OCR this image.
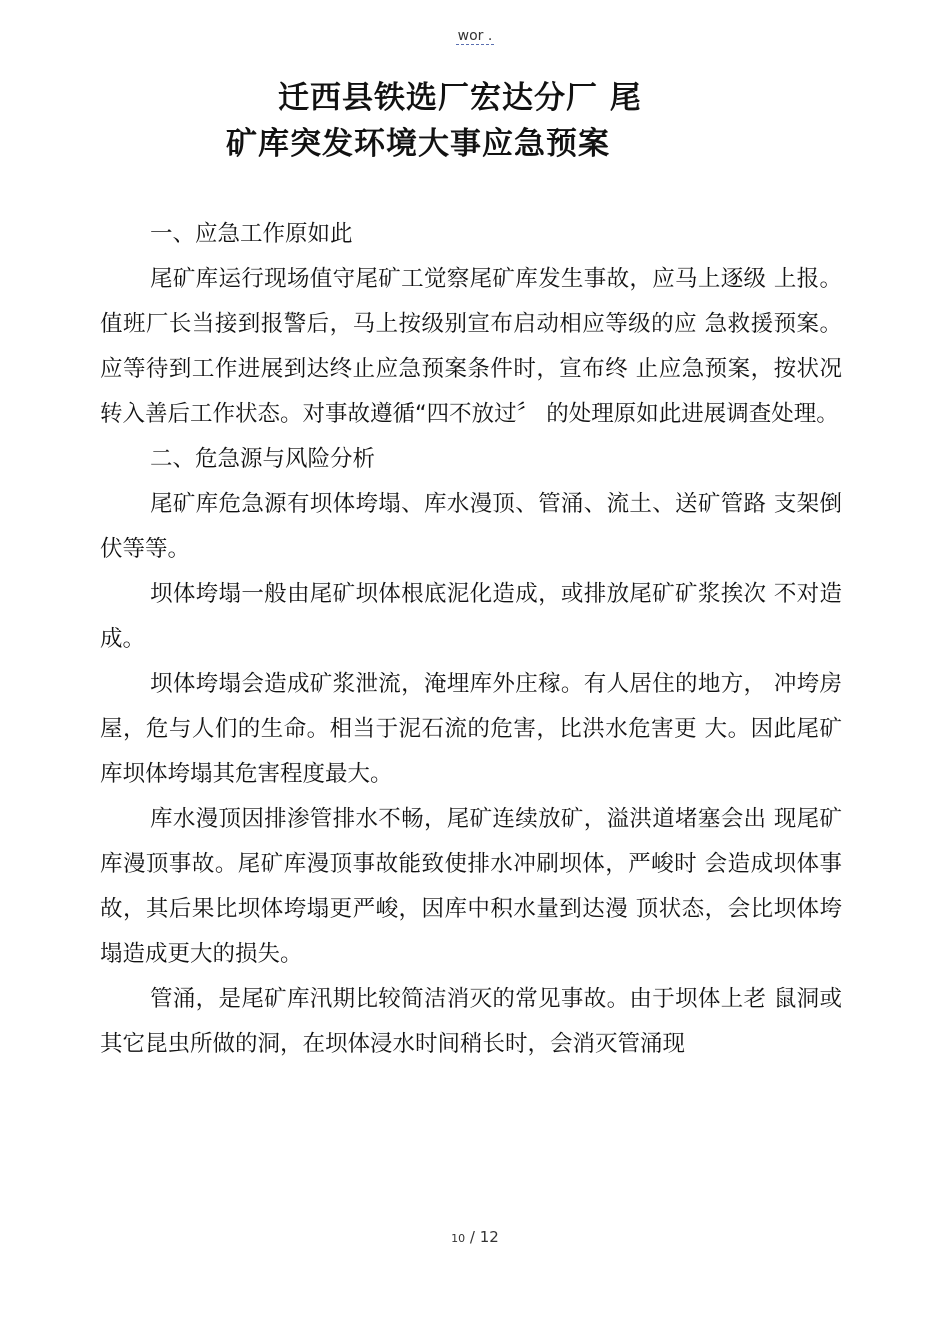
wor .
迁西县铁选厂宏达分厂 尾
矿库突发环境大事应急预案

一、应急工作原如此

尾矿库运行现场值守尾矿工觉察尾矿库发生事故，应马上逐级 上报。值班厂长当接到报警后，马上按级别宣布启动相应等级的应 急救援预案。应等待到工作进展到达终止应急预案条件时，宣布终 止应急预案，按状况转入善后工作状态。对事故遵循“四不放过〞 的处理原如此进展调查处理。

二、危急源与风险分析

尾矿库危急源有坝体垮塌、库水漫顶、管涌、流土、送矿管路 支架倒伏等等。

坝体垮塌一般由尾矿坝体根底泥化造成，或排放尾矿矿浆挨次 不对造成。

坝体垮塌会造成矿浆泄流，淹埋库外庄稼。有人居住的地方， 冲垮房屋，危与人们的生命。相当于泥石流的危害，比洪水危害更 大。因此尾矿库坝体垮塌其危害程度最大。

库水漫顶因排渗管排水不畅，尾矿连续放矿，溢洪道堵塞会出 现尾矿库漫顶事故。尾矿库漫顶事故能致使排水冲刷坝体，严峻时 会造成坝体事故，其后果比坝体垮塌更严峻，因库中积水量到达漫 顶状态，会比坝体垮塌造成更大的损失。

管涌，是尾矿库汛期比较简洁消灭的常见事故。由于坝体上老 鼠洞或其它昆虫所做的洞，在坝体浸水时间稍长时，会消灭管涌现

10 / 12
